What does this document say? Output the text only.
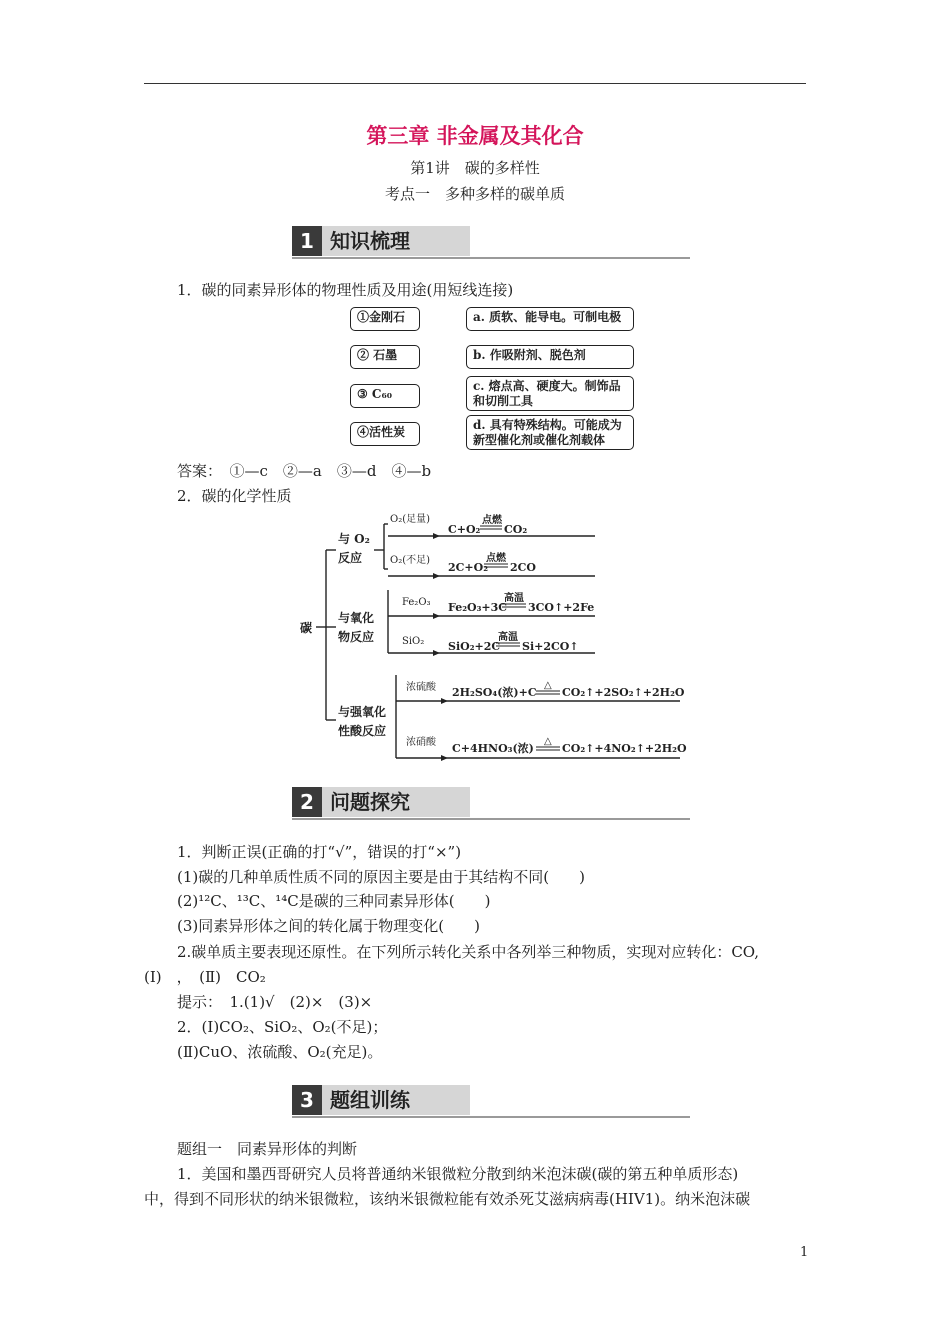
第三章 非金属及其化合
第1讲　碳的多样性
考点一　多种多样的碳单质
1 知识梳理
1．碳的同素异形体的物理性质及用途(用短线连接)
①金刚石
② 石墨
③ C₆₀
④活性炭
a. 质软、能导电。可制电极
b. 作吸附剂、脱色剂
c. 熔点高、硬度大。制饰品和切削工具
d. 具有特殊结构。可能成为新型催化剂或催化剂载体
答案：　①—c　②—a　③—d　④—b
2．碳的化学性质
碳
与 O₂
反应
与氧化
物反应
与强氧化
性酸反应
O₂(足量)
O₂(不足)
Fe₂O₃
SiO₂
浓硫酸
浓硝酸
C+O₂
点燃
CO₂
2C+O₂
点燃
2CO
Fe₂O₃+3C
高温
3CO↑+2Fe
SiO₂+2C
高温
Si+2CO↑
2H₂SO₄(浓)+C
△
CO₂↑+2SO₂↑+2H₂O
C+4HNO₃(浓)
△
CO₂↑+4NO₂↑+2H₂O
2 问题探究
1．判断正误(正确的打“√”，错误的打“×”)
(1)碳的几种单质性质不同的原因主要是由于其结构不同(　　)
(2)¹²C、¹³C、¹⁴C是碳的三种同素异形体(　　)
(3)同素异形体之间的转化属于物理变化(　　)
2.碳单质主要表现还原性。在下列所示转化关系中各列举三种物质，实现对应转化：CO,
(Ⅰ)　，　(Ⅱ)　CO₂
提示：　1.(1)√　(2)×　(3)×
2．(Ⅰ)CO₂、SiO₂、O₂(不足)；
(Ⅱ)CuO、浓硫酸、O₂(充足)。
3 题组训练
题组一　同素异形体的判断
1．美国和墨西哥研究人员将普通纳米银微粒分散到纳米泡沫碳(碳的第五种单质形态)
中，得到不同形状的纳米银微粒，该纳米银微粒能有效杀死艾滋病病毒(HIV1)。纳米泡沫碳
1
